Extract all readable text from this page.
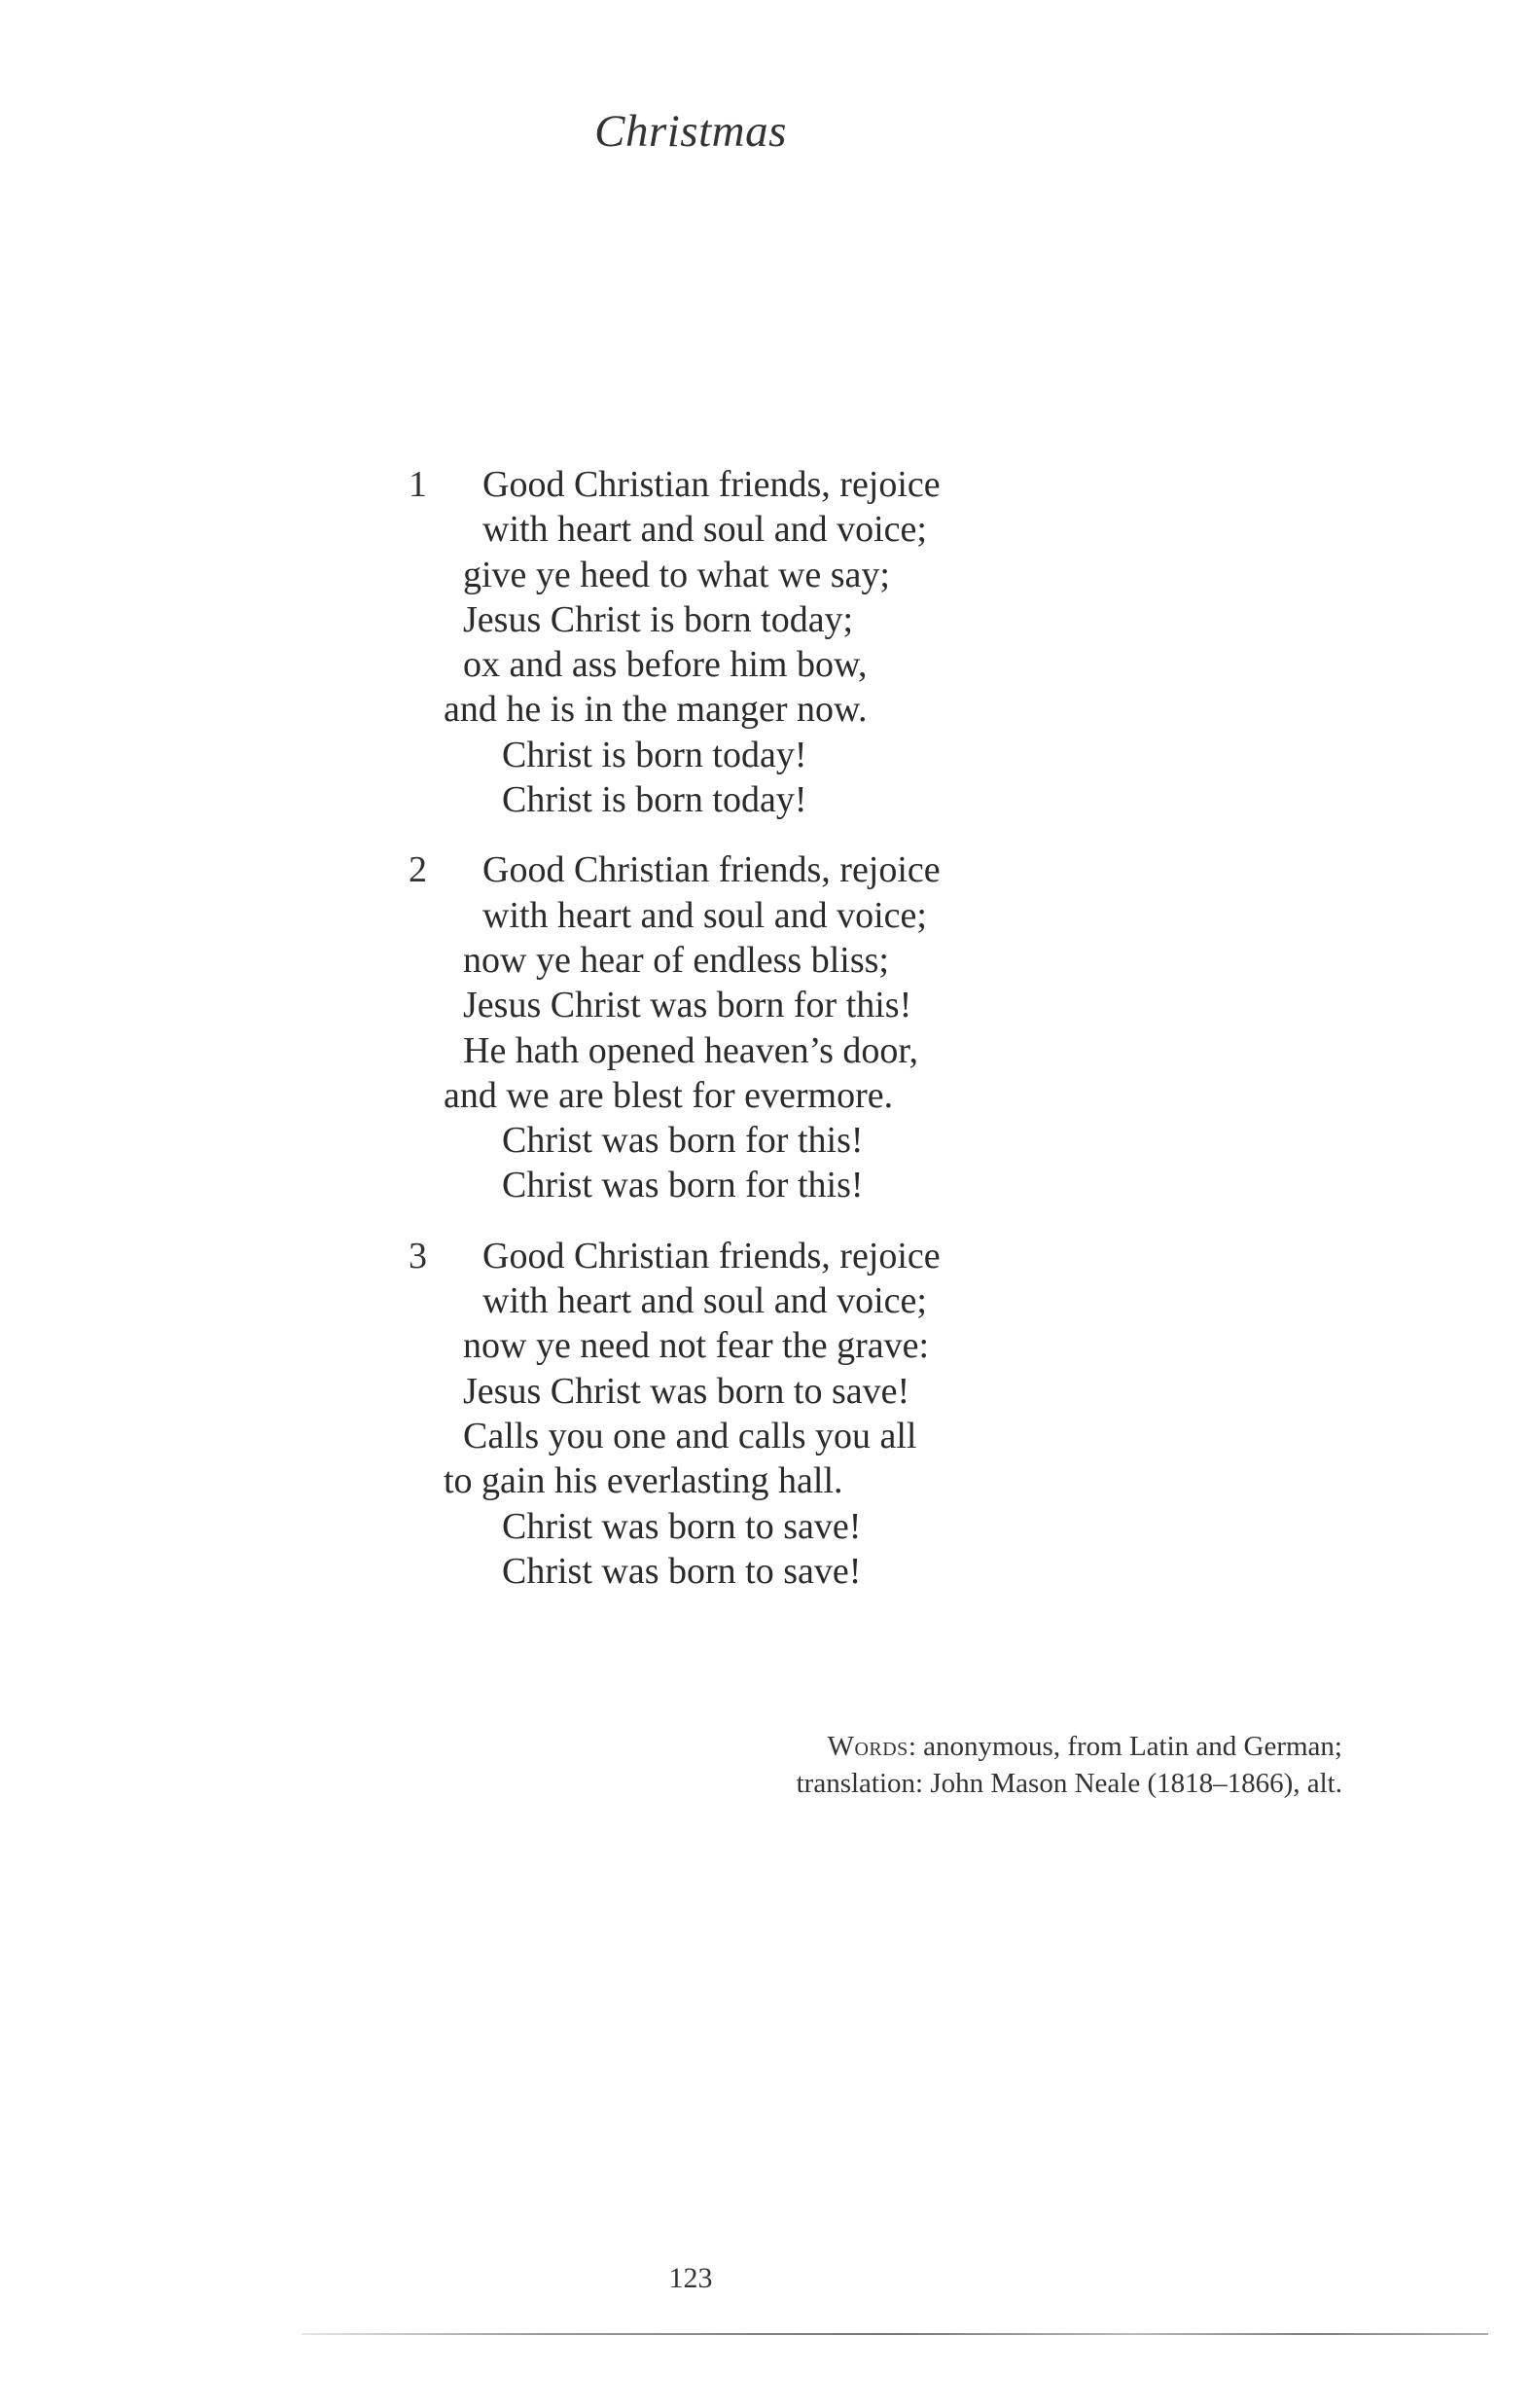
Christmas
1	Good Christian friends, rejoice
with heart and soul and voice;
give ye heed to what we say;
Jesus Christ is born today;
ox and ass before him bow,
and he is in the manger now.
Christ is born today!
Christ is born today!
2	Good Christian friends, rejoice
with heart and soul and voice;
now ye hear of endless bliss;
Jesus Christ was born for this!
He hath opened heaven’s door,
and we are blest for evermore.
Christ was born for this!
Christ was born for this!
3	Good Christian friends, rejoice
with heart and soul and voice;
now ye need not fear the grave:
Jesus Christ was born to save!
Calls you one and calls you all
to gain his everlasting hall.
Christ was born to save!
Christ was born to save!
Words: anonymous, from Latin and German;
translation: John Mason Neale (1818–1866), alt.
123
